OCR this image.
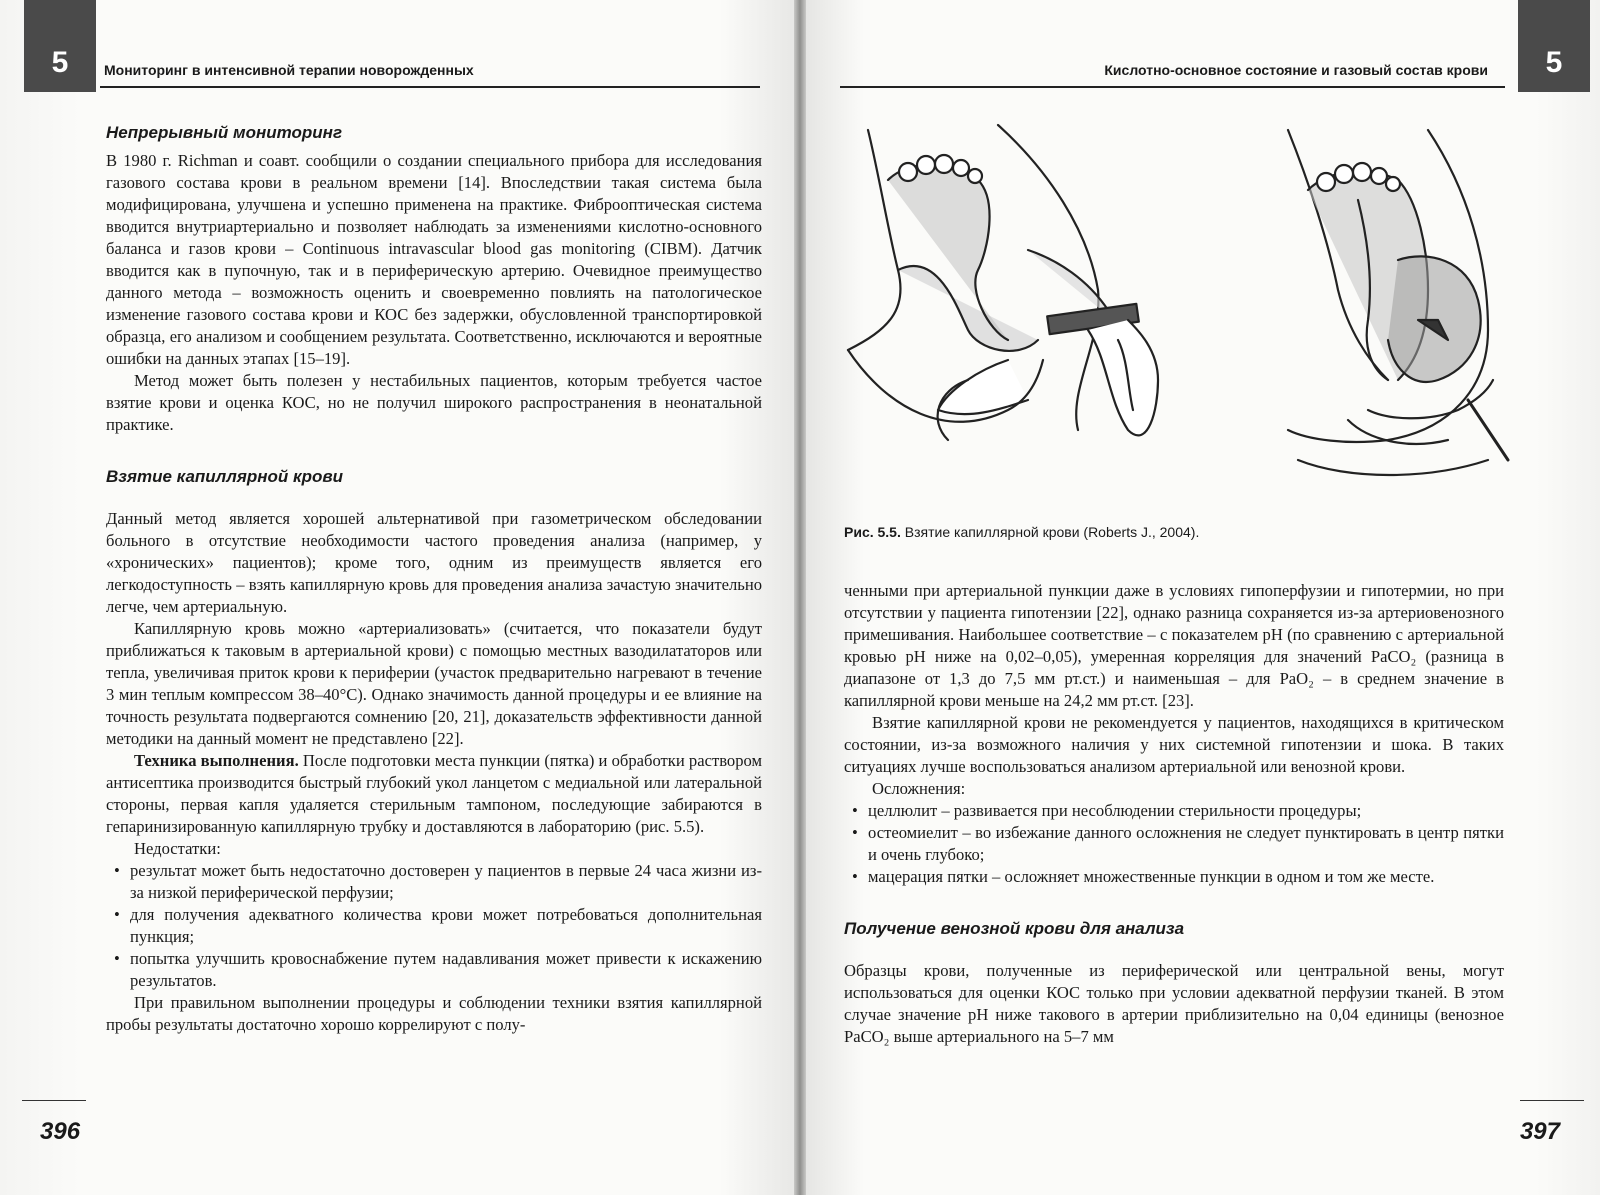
5	Мониторинг в интенсивной терапии новорожденных
Непрерывный мониторинг

В 1980 г. Richman и соавт. сообщили о создании специального прибора для исследования газового состава крови в реальном времени [14]. Впоследствии такая система была модифицирована, улучшена и успешно применена на практике. Фиброоптическая система вводится внутриартериально и позволяет наблюдать за изменениями кислотно-основного баланса и газов крови – Continuous intravascular blood gas monitoring (CIBM). Датчик вводится как в пупочную, так и в периферическую артерию. Очевидное преимущество данного метода – возможность оценить и своевременно повлиять на патологическое изменение газового состава крови и КОС без задержки, обусловленной транспортировкой образца, его анализом и сообщением результата. Соответственно, исключаются и вероятные ошибки на данных этапах [15–19].

Метод может быть полезен у нестабильных пациентов, которым требуется частое взятие крови и оценка КОС, но не получил широкого распространения в неонатальной практике.

Взятие капиллярной крови

Данный метод является хорошей альтернативой при газометрическом обследовании больного в отсутствие необходимости частого проведения анализа (например, у «хронических» пациентов); кроме того, одним из преимуществ является его легкодоступность – взять капиллярную кровь для проведения анализа зачастую значительно легче, чем артериальную.

Капиллярную кровь можно «артериализовать» (считается, что показатели будут приближаться к таковым в артериальной крови) с помощью местных вазодилататоров или тепла, увеличивая приток крови к периферии (участок предварительно нагревают в течение 3 мин теплым компрессом 38–40°С). Однако значимость данной процедуры и ее влияние на точность результата подвергаются сомнению [20, 21], доказательств эффективности данной методики на данный момент не представлено [22].

Техника выполнения. После подготовки места пункции (пятка) и обработки раствором антисептика производится быстрый глубокий укол ланцетом с медиальной или латеральной стороны, первая капля удаляется стерильным тампоном, последующие забираются в гепаринизированную капиллярную трубку и доставляются в лабораторию (рис. 5.5).

Недостатки:

• результат может быть недостаточно достоверен у пациентов в первые 24 часа жизни из-за низкой периферической перфузии;
• для получения адекватного количества крови может потребоваться дополнительная пункция;
• попытка улучшить кровоснабжение путем надавливания может привести к искажению результатов.

При правильном выполнении процедуры и соблюдении техники взятия капиллярной пробы результаты достаточно хорошо коррелируют с полу-

396
5
Кислотно-основное состояние и газовый состав крови
Рис. 5.5. Взятие капиллярной крови (Roberts J., 2004).

ченными при артериальной пункции даже в условиях гипоперфузии и гипотермии, но при отсутствии у пациента гипотензии [22], однако разница сохраняется из-за артериовенозного примешивания. Наибольшее соответствие – с показателем рН (по сравнению с артериальной кровью рН ниже на 0,02–0,05), умеренная корреляция для значений PaCO₂ (разница в диапазоне от 1,3 до 7,5 мм рт.ст.) и наименьшая – для PaO₂ – в среднем значение в капиллярной крови меньше на 24,2 мм рт.ст. [23].

Взятие капиллярной крови не рекомендуется у пациентов, находящихся в критическом состоянии, из-за возможного наличия у них системной гипотензии и шока. В таких ситуациях лучше воспользоваться анализом артериальной или венозной крови.

Осложнения:

• целлюлит – развивается при несоблюдении стерильности процедуры;
• остеомиелит – во избежание данного осложнения не следует пунктировать в центр пятки и очень глубоко;
• мацерация пятки – осложняет множественные пункции в одном и том же месте.
Получение венозной крови для анализа

Образцы крови, полученные из периферической или центральной вены, могут использоваться для оценки КОС только при условии адекватной перфузии тканей. В этом случае значение рН ниже такового в артерии приблизительно на 0,04 единицы (венозное PaCO₂ выше артериального на 5–7 мм

397
